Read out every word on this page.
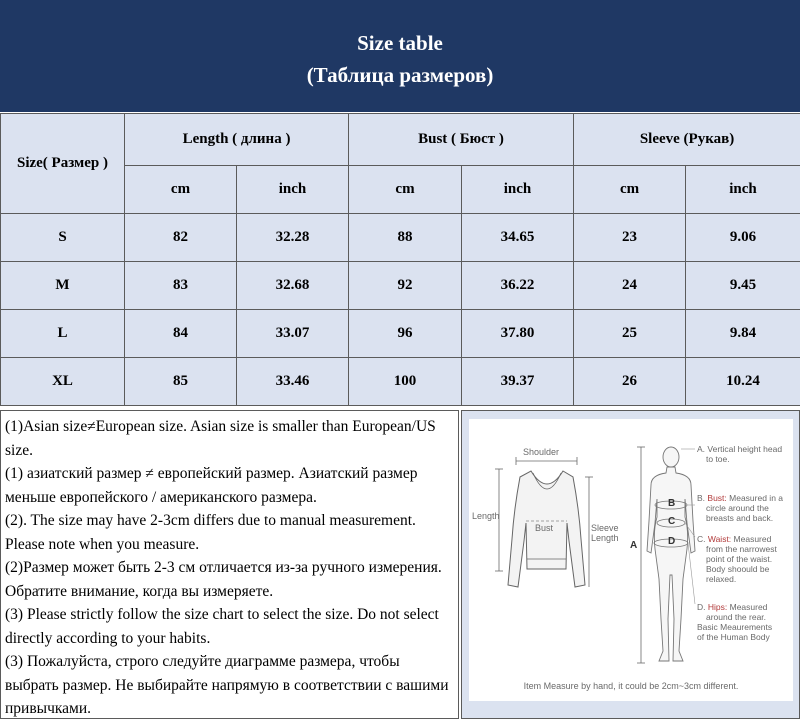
Size table
(Таблица размеров)
Size( Размер )	Length ( длина )		Bust ( Бюст )		Sleeve (Рукав)	
	cm	inch	cm	inch	cm	inch
S	82	32.28	88	34.65	23	9.06
M	83	32.68	92	36.22	24	9.45
L	84	33.07	96	37.80	25	9.84
XL	85	33.46	100	39.37	26	10.24

(1)Asian size≠European size. Asian size is smaller than European/US size.

(1) азиатский размер ≠ европейский размер. Азиатский размер меньше европейского / американского размера.

(2). The size may have 2-3cm differs due to manual measurement. Please note when you measure.

(2)Размер может быть 2-3 см отличается из-за ручного измерения. Обратите внимание, когда вы измеряете.

(3) Please strictly follow the size chart to select the size. Do not select directly according to your habits.

(3) Пожалуйста, строго следуйте диаграмме размера, чтобы выбрать размер. Не выбирайте напрямую в соответствии с вашими привычками.

Shoulder
Length
Bust	Sleeve
Length
A
B
C
D
A. Vertical height head
to toe.
B. Bust: Measured in a
circle around the
breasts and back.
C. Waist: Measured
from the narrowest
point of the waist.
Body shoould be
relaxed.
D. Hips: Measured
around the rear.
Basic Meaurements
of the Human Body
Item Measure by hand, it could be 2cm~3cm different.
